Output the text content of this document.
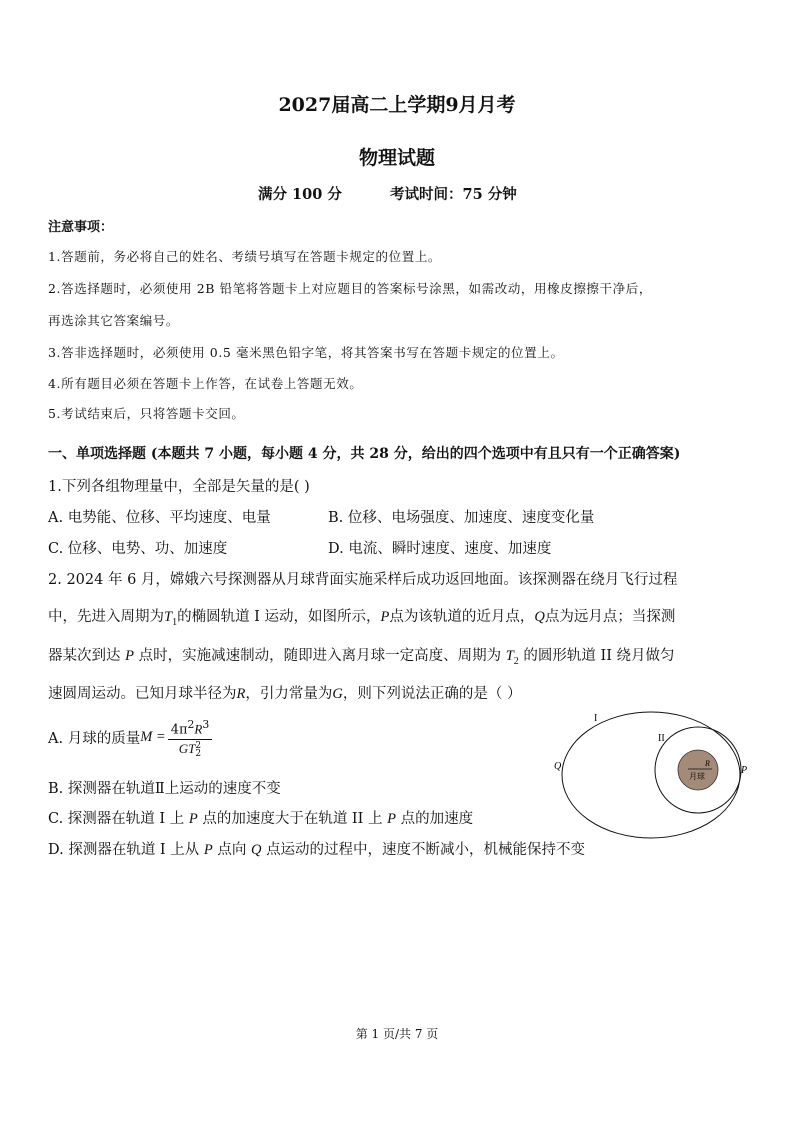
2027届高二上学期9月月考
物理试题
满分 100 分	考试时间：75 分钟
注意事项：
1.答题前，务必将自己的姓名、考绩号填写在答题卡规定的位置上。
2.答选择题时，必须使用 2B 铅笔将答题卡上对应题目的答案标号涂黑，如需改动，用橡皮擦擦干净后，
再选涂其它答案编号。
3.答非选择题时，必须使用 0.5 毫米黑色铅字笔，将其答案书写在答题卡规定的位置上。
4.所有题目必须在答题卡上作答，在试卷上答题无效。
5.考试结束后，只将答题卡交回。
一、单项选择题 (本题共 7 小题，每小题 4 分，共 28 分，给出的四个选项中有且只有一个正确答案)
1.下列各组物理量中，全部是矢量的是( )
A. 电势能、位移、平均速度、电量	B. 位移、电场强度、加速度、速度变化量
C. 位移、电势、功、加速度	D. 电流、瞬时速度、速度、加速度
2. 2024 年 6 月，嫦娥六号探测器从月球背面实施采样后成功返回地面。该探测器在绕月飞行过程
中，先进入周期为$T_1$的椭圆轨道 I 运动，如图所示，P点为该轨道的近月点，Q点为远月点；当探测
器某次到达 P 点时，实施减速制动，随即进入离月球一定高度、周期为 $T_2$ 的圆形轨道 II 绕月做匀
速圆周运动。已知月球半径为R，引力常量为G，则下列说法正确的是（ ）
A. 月球的质量$M = 4\pi^2R^3$
GT 2
2
B. 探测器在轨道Ⅱ上运动的速度不变
C. 探测器在轨道 I 上 P 点的加速度大于在轨道 II 上 P 点的加速度
D. 探测器在轨道 I 上从 P 点向 Q 点运动的过程中，速度不断减小，机械能保持不变
I
II
Q	P
R
月球
第 1 页/共 7 页
